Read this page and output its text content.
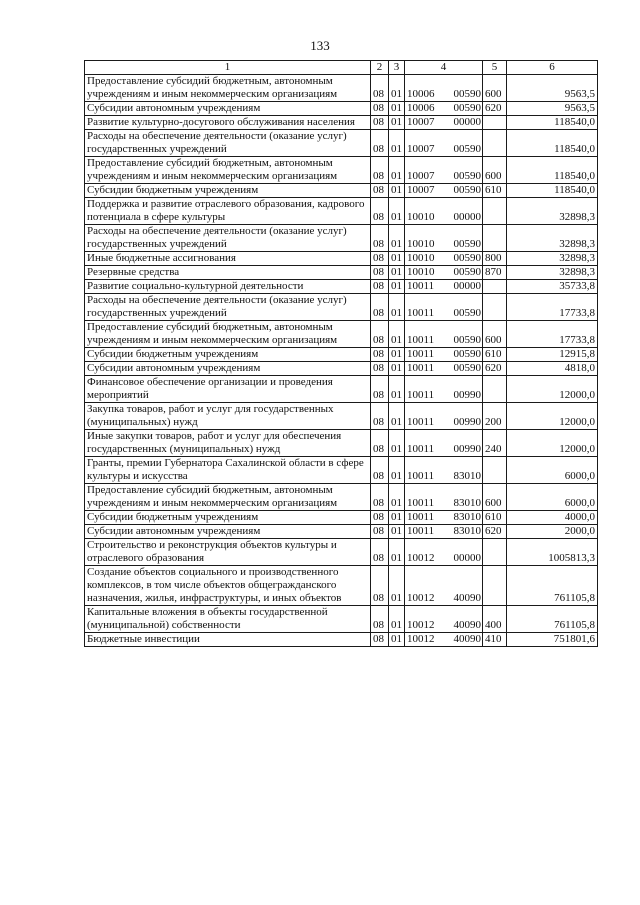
133
1	2	3	4	5	6
Предоставление субсидий бюджетным, автономным учреждениям и иным некоммерческим организациям	08	01	10006 00590	600	9563,5
Субсидии автономным учреждениям	08	01	10006 00590	620	9563,5
Развитие культурно-досугового обслуживания населения	08	01	10007 00000		118540,0
Расходы на обеспечение деятельности (оказание услуг) государственных учреждений	08	01	10007 00590		118540,0
Предоставление субсидий бюджетным, автономным учреждениям и иным некоммерческим организациям	08	01	10007 00590	600	118540,0
Субсидии бюджетным учреждениям	08	01	10007 00590	610	118540,0
Поддержка и развитие отраслевого образования, кадрового потенциала в сфере культуры	08	01	10010 00000		32898,3
Расходы на обеспечение деятельности (оказание услуг) государственных учреждений	08	01	10010 00590		32898,3
Иные бюджетные ассигнования	08	01	10010 00590	800	32898,3
Резервные средства	08	01	10010 00590	870	32898,3
Развитие социально-культурной деятельности	08	01	10011 00000		35733,8
Расходы на обеспечение деятельности (оказание услуг) государственных учреждений	08	01	10011 00590		17733,8
Предоставление субсидий бюджетным, автономным учреждениям и иным некоммерческим организациям	08	01	10011 00590	600	17733,8
Субсидии бюджетным учреждениям	08	01	10011 00590	610	12915,8
Субсидии автономным учреждениям	08	01	10011 00590	620	4818,0
Финансовое обеспечение организации и проведения мероприятий	08	01	10011 00990		12000,0
Закупка товаров, работ и услуг для государственных (муниципальных) нужд	08	01	10011 00990	200	12000,0
Иные закупки товаров, работ и услуг для обеспечения государственных (муниципальных) нужд	08	01	10011 00990	240	12000,0
Гранты, премии Губернатора Сахалинской области в сфере культуры и искусства	08	01	10011 83010		6000,0
Предоставление субсидий бюджетным, автономным учреждениям и иным некоммерческим организациям	08	01	10011 83010	600	6000,0
Субсидии бюджетным учреждениям	08	01	10011 83010	610	4000,0
Субсидии автономным учреждениям	08	01	10011 83010	620	2000,0
Строительство и реконструкция объектов культуры и отраслевого образования	08	01	10012 00000		1005813,3
Создание объектов социального и производственного комплексов, в том числе объектов общегражданского назначения, жилья, инфраструктуры, и иных объектов	08	01	10012 40090		761105,8
Капитальные вложения в объекты государственной (муниципальной) собственности	08	01	10012 40090	400	761105,8
Бюджетные инвестиции	08	01	10012 40090	410	751801,6
